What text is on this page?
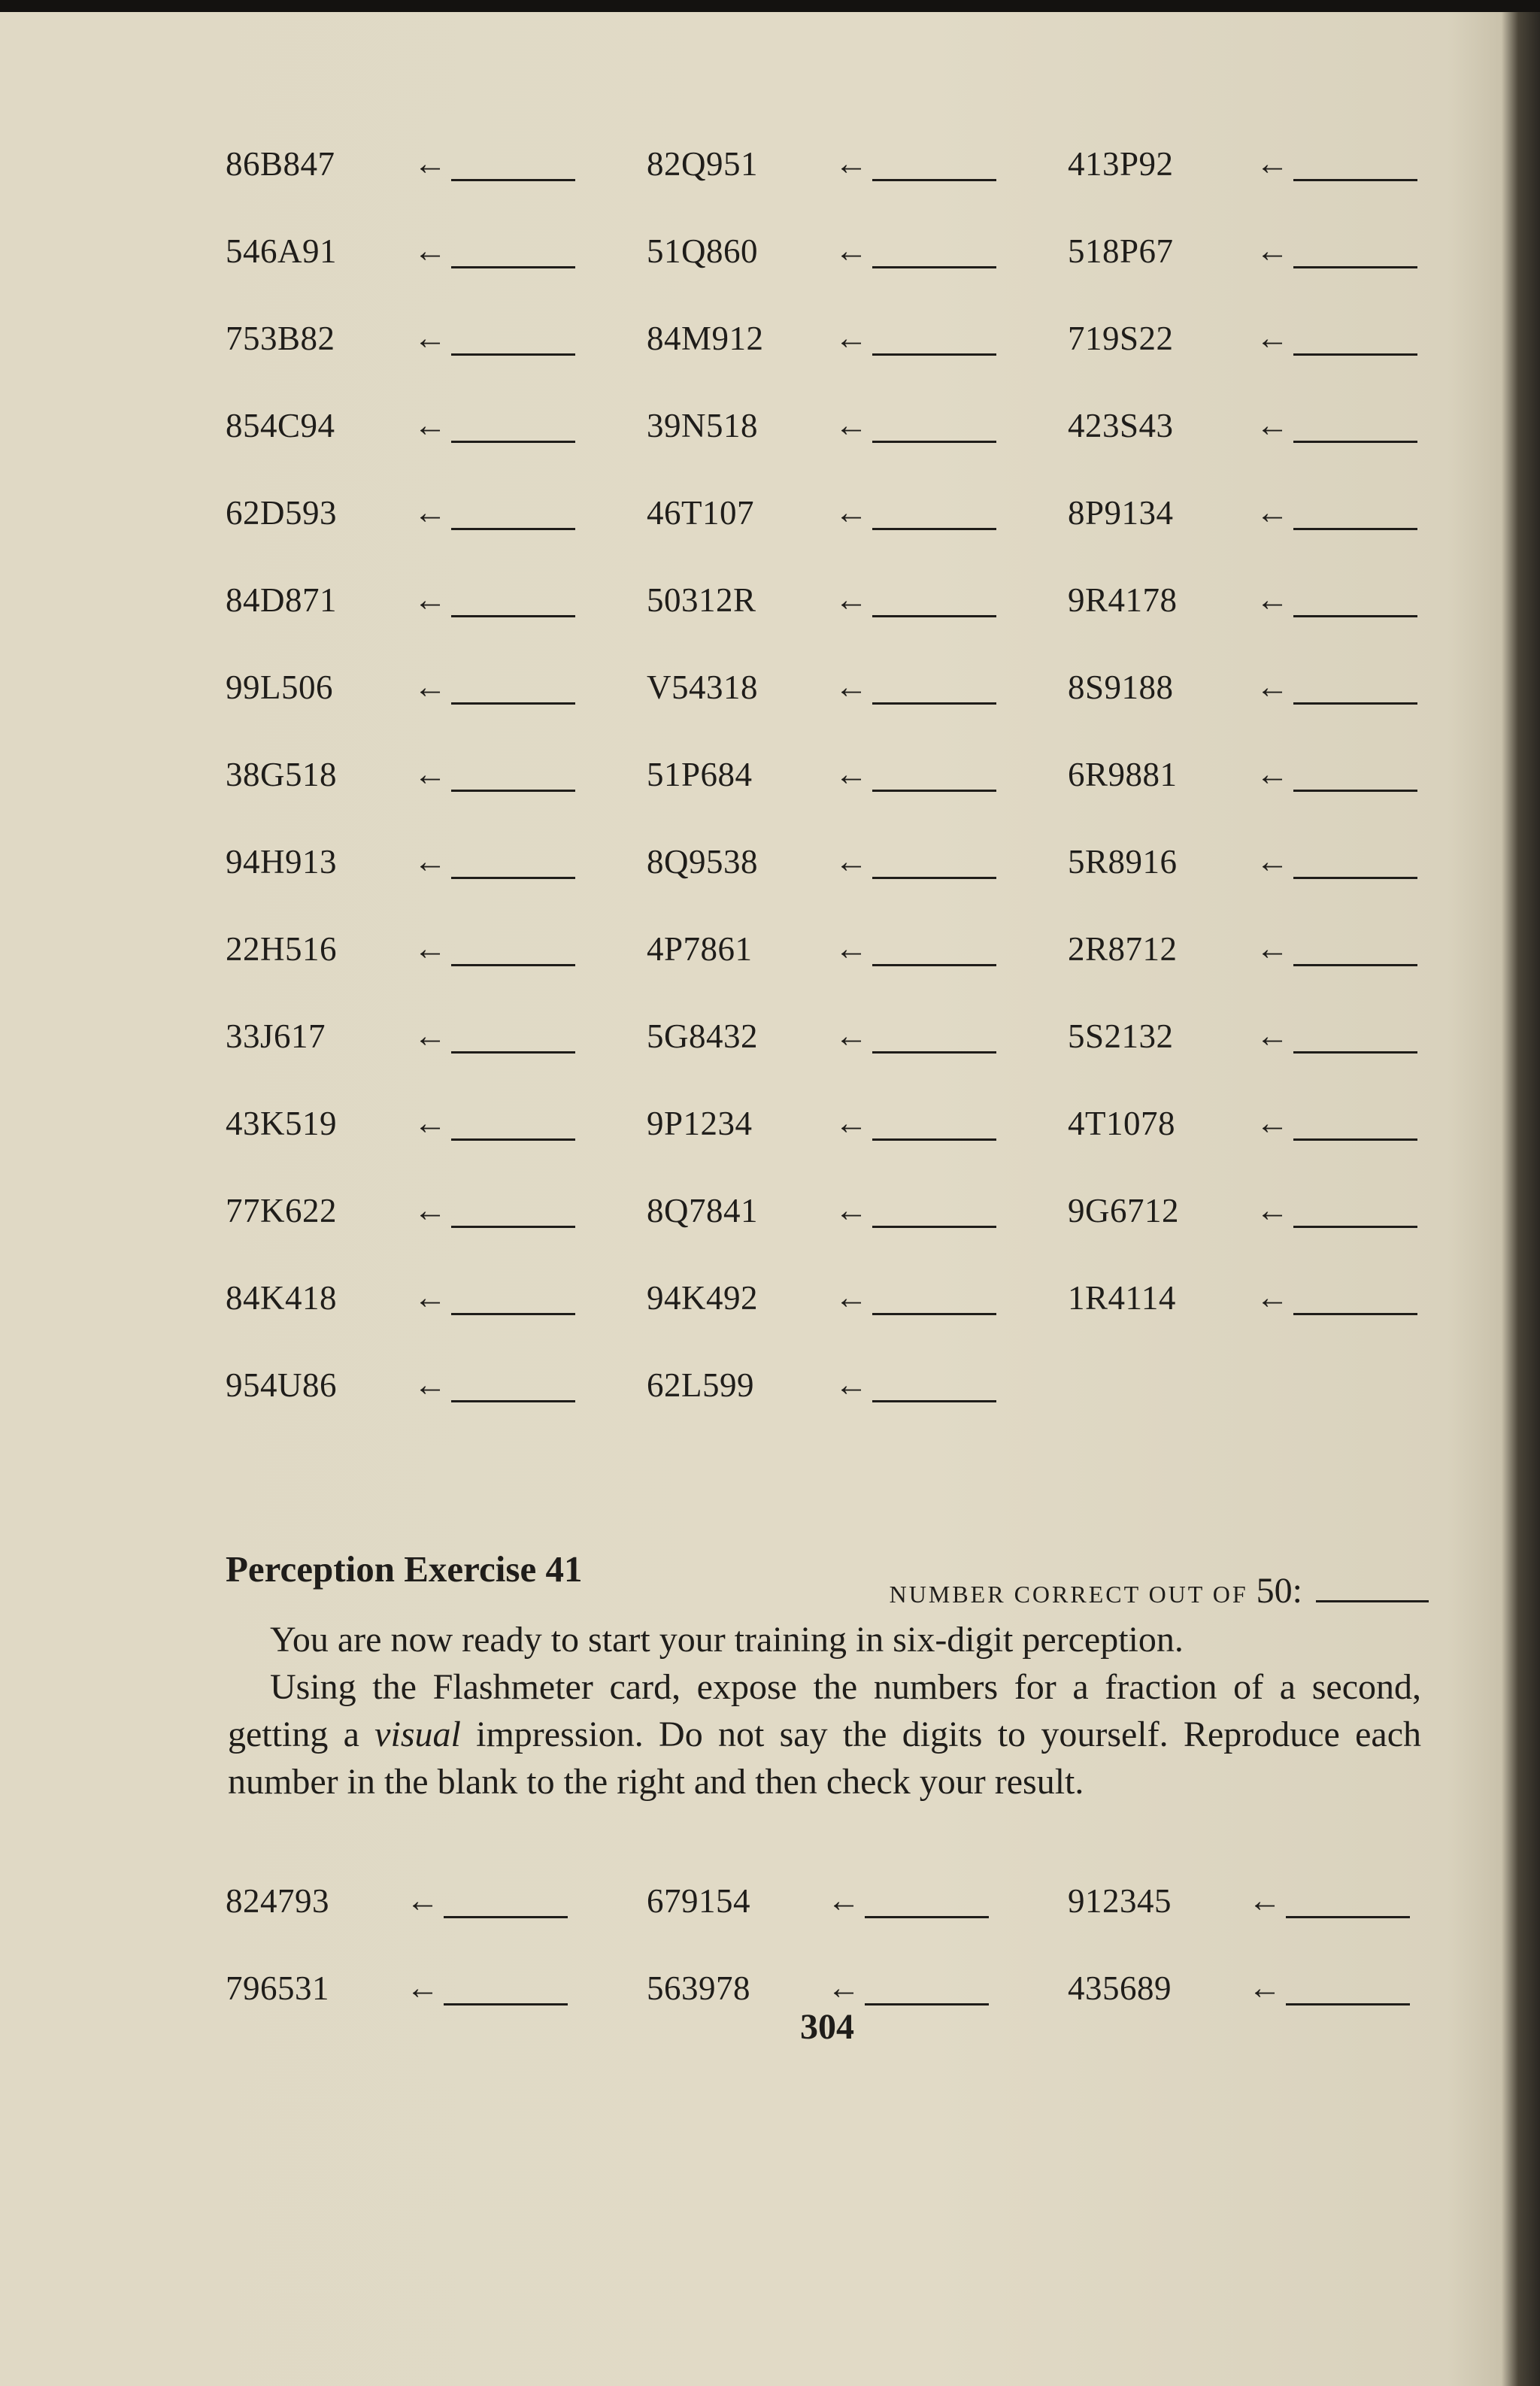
NUMBER CORRECT OUT OF 50:
86B847 ←
546A91 ←
753B82 ←
854C94 ←
62D593 ←
84D871 ←
99L506 ←
38G518 ←
94H913 ←
22H516 ←
33J617	←
43K519 ←
77K622 ←
84K418 ←
954U86 ←
82Q951 ←
51Q860 ←
84M912 ←
39N518 ←
46T107 ←
50312R ←
V54318 ←
51P684 ←
8Q9538 ←
4P7861 ←
5G8432 ←
9P1234 ←
8Q7841 ←
94K492 ←
62L599 ←
413P92 ←
518P67 ←
719S22 ←
423S43 ←
8P9134 ←
9R4178 ←
8S9188 ←
6R9881 ←
5R8916 ←
2R8712 ←
5S2132 ←
4T1078 ←
9G6712 ←
1R4114 ←
Perception Exercise 41
You are now ready to start your training in six-digit perception.
Using the Flashmeter card, expose the numbers for a fraction of a second, getting a visual impression. Do not say the digits to yourself. Reproduce each number in the blank to the right and then check your result.
824793 ←
796531 ←
679154 ←
563978 ←
912345 ←
435689 ←
304
